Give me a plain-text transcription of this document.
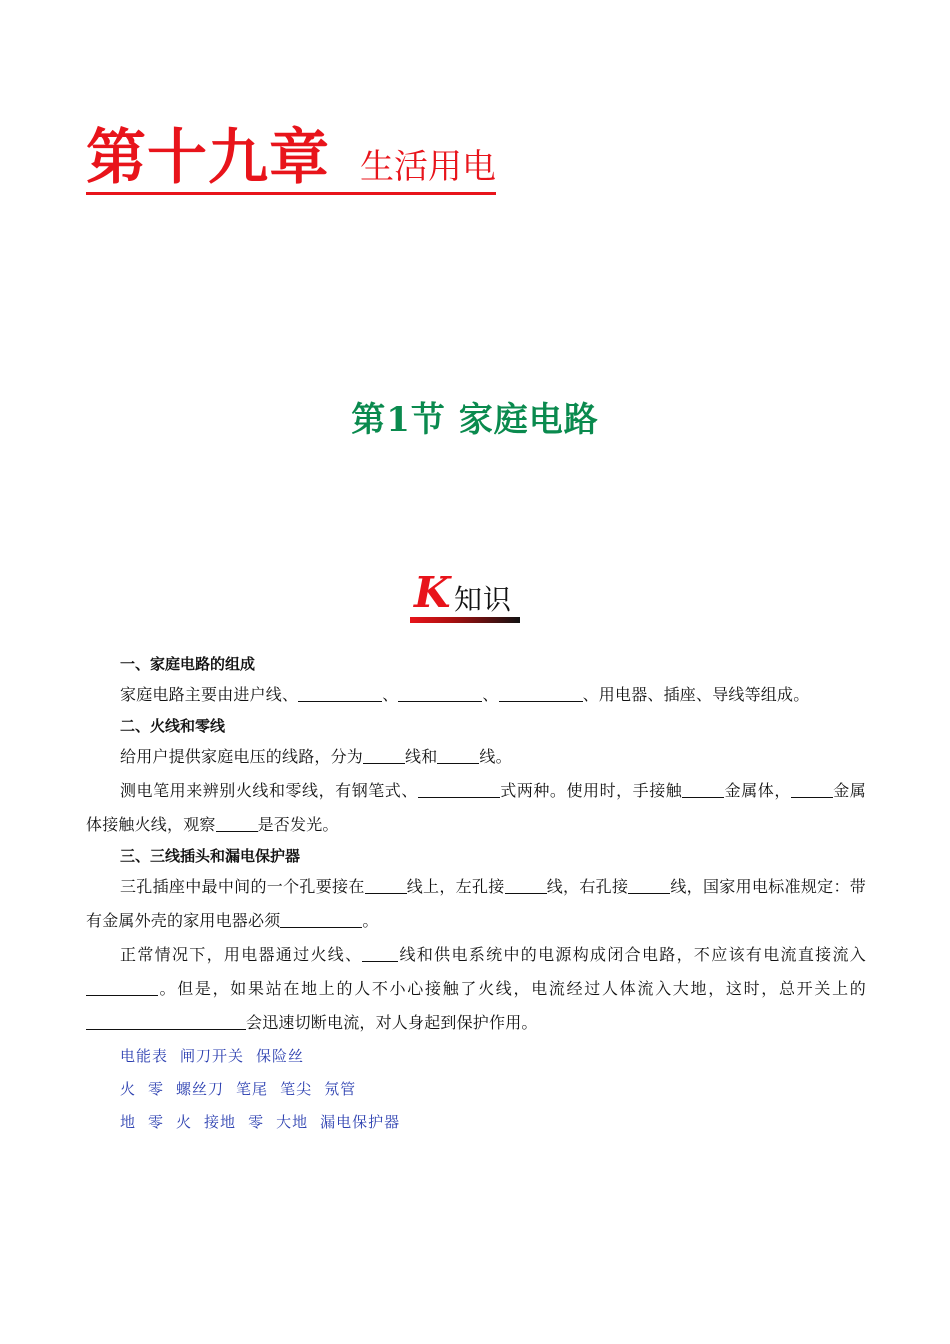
第十九章 生活用电
第1节 家庭电路
K 知识
一、家庭电路的组成
家庭电路主要由进户线、	、	、	、用电器、插座、导线等组成。
二、火线和零线
给用户提供家庭电压的线路，分为	线和	线。
测电笔用来辨别火线和零线，有钢笔式、	式两种。使用时，手接触	金属体，	金属体接触火线，观察	是否发光。
三、三线插头和漏电保护器
三孔插座中最中间的一个孔要接在	线上，左孔接	线，右孔接	线，国家用电标准规定：带有金属外壳的家用电器必须	。
正常情况下，用电器通过火线、 线和供电系统中的电源构成闭合电路，不应该有电流直接流入。但是，如果站在地上的人不小心接触了火线，电流经过人体流入大地，这时，总开关上的会迅速切断电流，对人身起到保护作用。
电能表 闸刀开关 保险丝
火 零 螺丝刀 笔尾 笔尖 氖管
地 零 火 接地 零 大地 漏电保护器
